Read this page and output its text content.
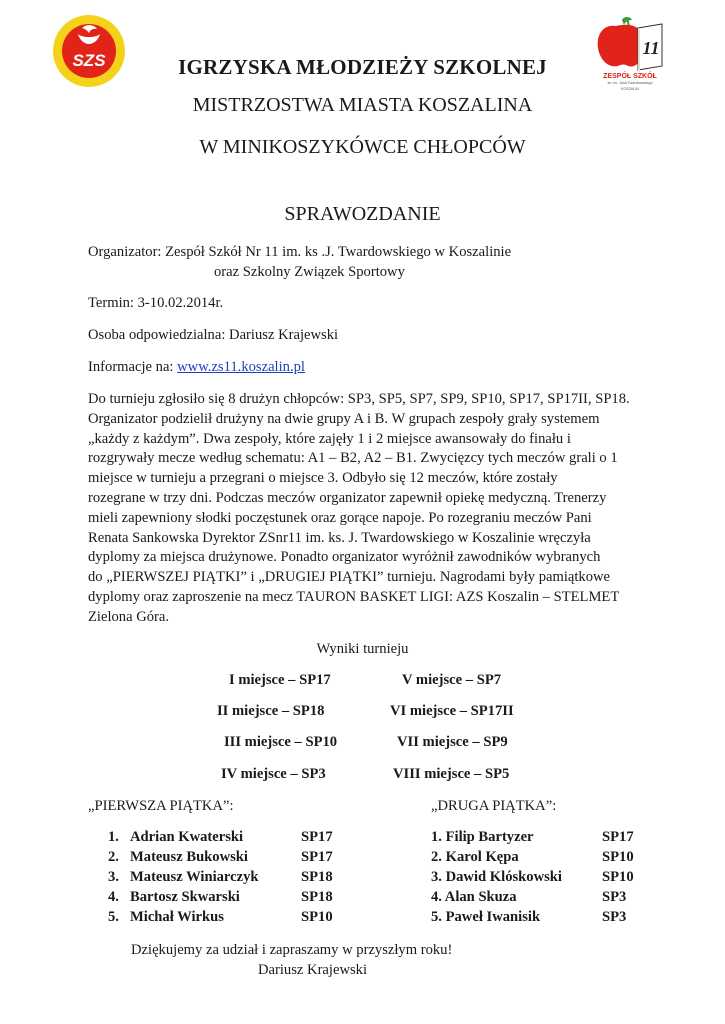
SZS
11
ZESPÓŁ SZKÓŁ
im. ks. Jana Twardowskiego
KOSZALIN
IGRZYSKA MŁODZIEŻY SZKOLNEJ
MISTRZOSTWA MIASTA KOSZALINA
W MINIKOSZYKÓWCE CHŁOPCÓW
SPRAWOZDANIE
Organizator: Zespół Szkół Nr 11 im. ks .J. Twardowskiego w Koszalinie
oraz Szkolny Związek Sportowy
Termin: 3-10.02.2014r.
Osoba odpowiedzialna: Dariusz Krajewski
Informacje na: www.zs11.koszalin.pl
Do turnieju zgłosiło się 8 drużyn chłopców: SP3, SP5, SP7, SP9, SP10, SP17, SP17II, SP18.
Organizator podzielił drużyny na dwie grupy A i B. W grupach zespoły grały systemem
„każdy z każdym”. Dwa zespoły, które zajęły 1 i 2 miejsce awansowały do finału i
rozgrywały mecze według schematu: A1 – B2, A2 – B1. Zwycięzcy tych meczów grali o 1
miejsce w turnieju a przegrani o miejsce 3. Odbyło się 12 meczów, które zostały
rozegrane w trzy dni. Podczas meczów organizator zapewnił opiekę medyczną. Trenerzy
mieli zapewniony słodki poczęstunek oraz gorące napoje. Po rozegraniu meczów Pani
Renata Sankowska Dyrektor ZSnr11 im. ks. J. Twardowskiego w Koszalinie wręczyła
dyplomy za miejsca drużynowe. Ponadto organizator wyróżnił zawodników wybranych
do „PIERWSZEJ PIĄTKI” i „DRUGIEJ PIĄTKI” turnieju. Nagrodami były pamiątkowe
dyplomy oraz zaproszenie na mecz TAURON BASKET LIGI: AZS Koszalin – STELMET
Zielona Góra.
Wyniki turnieju
I miejsce – SP17
II miejsce – SP18
III miejsce – SP10
IV miejsce – SP3
V miejsce – SP7
VI miejsce – SP17II
VII miejsce – SP9
VIII miejsce – SP5
„PIERWSZA PIĄTKA”:
1. Adrian Kwaterski	SP17
2. Mateusz Bukowski	SP17
3. Mateusz Winiarczyk	SP18
4. Bartosz Skwarski	SP18
5. Michał Wirkus	SP10
„DRUGA PIĄTKA”:
1. Filip Bartyzer	SP17
2. Karol Kępa	SP10
3. Dawid Klóskowski	SP10
4. Alan Skuza	SP3
5. Paweł Iwanisik	SP3
Dziękujemy za udział i zapraszamy w przyszłym roku!
Dariusz Krajewski
